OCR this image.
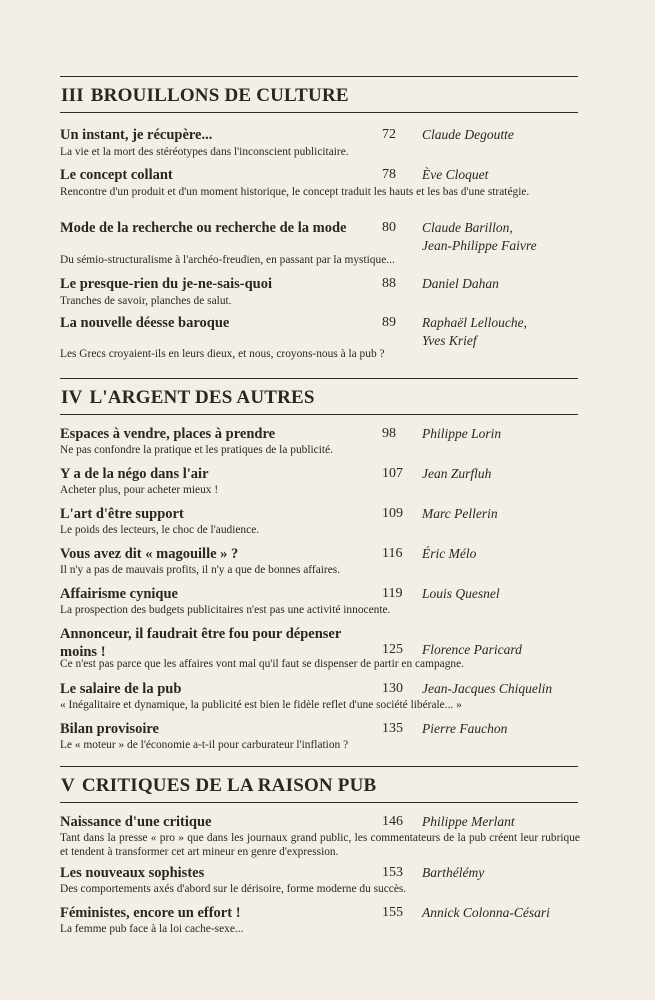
III BROUILLONS DE CULTURE
Un instant, je récupère...	72	Claude Degoutte
La vie et la mort des stéréotypes dans l'inconscient publicitaire.
Le concept collant	78	Ève Cloquet
Rencontre d'un produit et d'un moment historique, le concept traduit les hauts et les bas d'une stratégie.
Mode de la recherche ou recherche de la mode	80	Claude Barillon,
Jean-Philippe Faivre
Du sémio-structuralisme à l'archéo-freudien, en passant par la mystique...
Le presque-rien du je-ne-sais-quoi	88	Daniel Dahan
Tranches de savoir, planches de salut.
La nouvelle déesse baroque	89	Raphaël Lellouche,
Yves Krief
Les Grecs croyaient-ils en leurs dieux, et nous, croyons-nous à la pub ?
IV L'ARGENT DES AUTRES
Espaces à vendre, places à prendre	98	Philippe Lorin
Ne pas confondre la pratique et les pratiques de la publicité.
Y a de la négo dans l'air	107	Jean Zurfluh
Acheter plus, pour acheter mieux !
L'art d'être support	109	Marc Pellerin
Le poids des lecteurs, le choc de l'audience.
Vous avez dit « magouille » ?	116	Éric Mélo
Il n'y a pas de mauvais profits, il n'y a que de bonnes affaires.
Affairisme cynique	119	Louis Quesnel
La prospection des budgets publicitaires n'est pas une activité innocente.
Annonceur, il faudrait être fou pour dépenser moins !	125	Florence Paricard
Ce n'est pas parce que les affaires vont mal qu'il faut se dispenser de partir en campagne.
Le salaire de la pub	130	Jean-Jacques Chiquelin
« Inégalitaire et dynamique, la publicité est bien le fidèle reflet d'une société libérale... »
Bilan provisoire	135	Pierre Fauchon
Le « moteur » de l'économie a-t-il pour carburateur l'inflation ?
V CRITIQUES DE LA RAISON PUB
Naissance d'une critique	146	Philippe Merlant
Tant dans la presse « pro » que dans les journaux grand public, les commentateurs de la pub créent leur rubrique et tendent à transformer cet art mineur en genre d'expression.
Les nouveaux sophistes	153	Barthélémy
Des comportements axés d'abord sur le dérisoire, forme moderne du succès.
Féministes, encore un effort !	155	Annick Colonna-Césari
La femme pub face à la loi cache-sexe...
